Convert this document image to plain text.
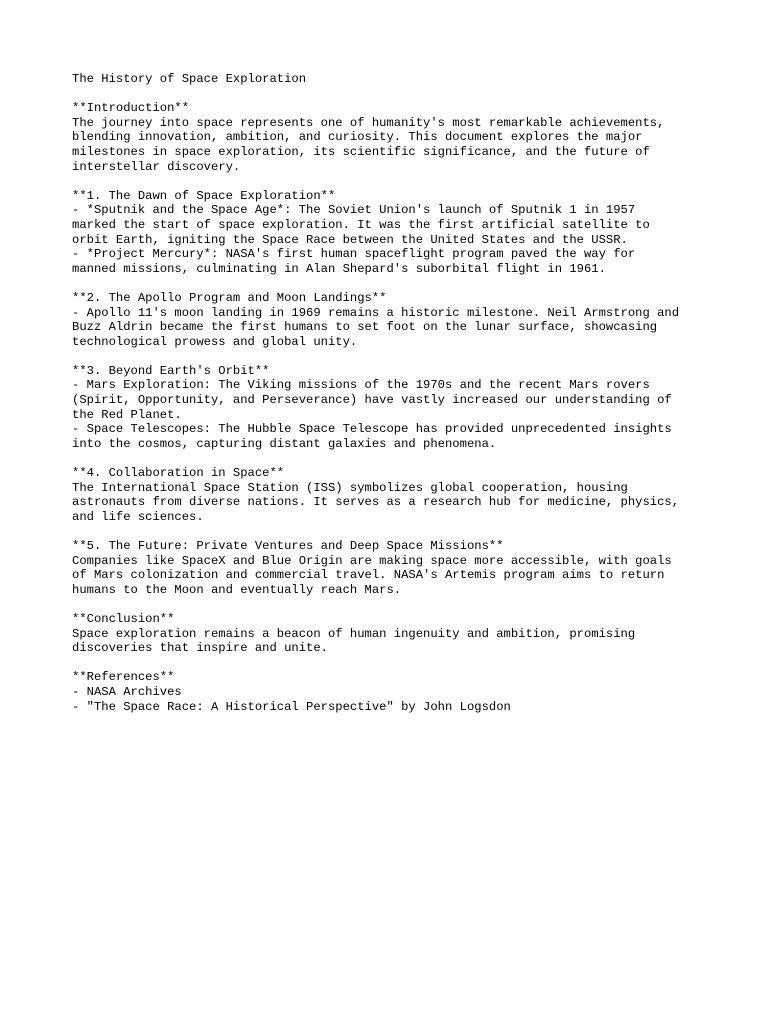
The History of Space Exploration
**Introduction**
The journey into space represents one of humanity's most remarkable achievements,
blending innovation, ambition, and curiosity. This document explores the major
milestones in space exploration, its scientific significance, and the future of
interstellar discovery.
**1. The Dawn of Space Exploration**
- *Sputnik and the Space Age*: The Soviet Union's launch of Sputnik 1 in 1957
marked the start of space exploration. It was the first artificial satellite to
orbit Earth, igniting the Space Race between the United States and the USSR.
- *Project Mercury*: NASA's first human spaceflight program paved the way for
manned missions, culminating in Alan Shepard's suborbital flight in 1961.
**2. The Apollo Program and Moon Landings**
- Apollo 11's moon landing in 1969 remains a historic milestone. Neil Armstrong and
Buzz Aldrin became the first humans to set foot on the lunar surface, showcasing
technological prowess and global unity.
**3. Beyond Earth's Orbit**
- Mars Exploration: The Viking missions of the 1970s and the recent Mars rovers
(Spirit, Opportunity, and Perseverance) have vastly increased our understanding of
the Red Planet.
- Space Telescopes: The Hubble Space Telescope has provided unprecedented insights
into the cosmos, capturing distant galaxies and phenomena.
**4. Collaboration in Space**
The International Space Station (ISS) symbolizes global cooperation, housing
astronauts from diverse nations. It serves as a research hub for medicine, physics,
and life sciences.
**5. The Future: Private Ventures and Deep Space Missions**
Companies like SpaceX and Blue Origin are making space more accessible, with goals
of Mars colonization and commercial travel. NASA's Artemis program aims to return
humans to the Moon and eventually reach Mars.
**Conclusion**
Space exploration remains a beacon of human ingenuity and ambition, promising
discoveries that inspire and unite.
**References**
- NASA Archives
- "The Space Race: A Historical Perspective" by John Logsdon
